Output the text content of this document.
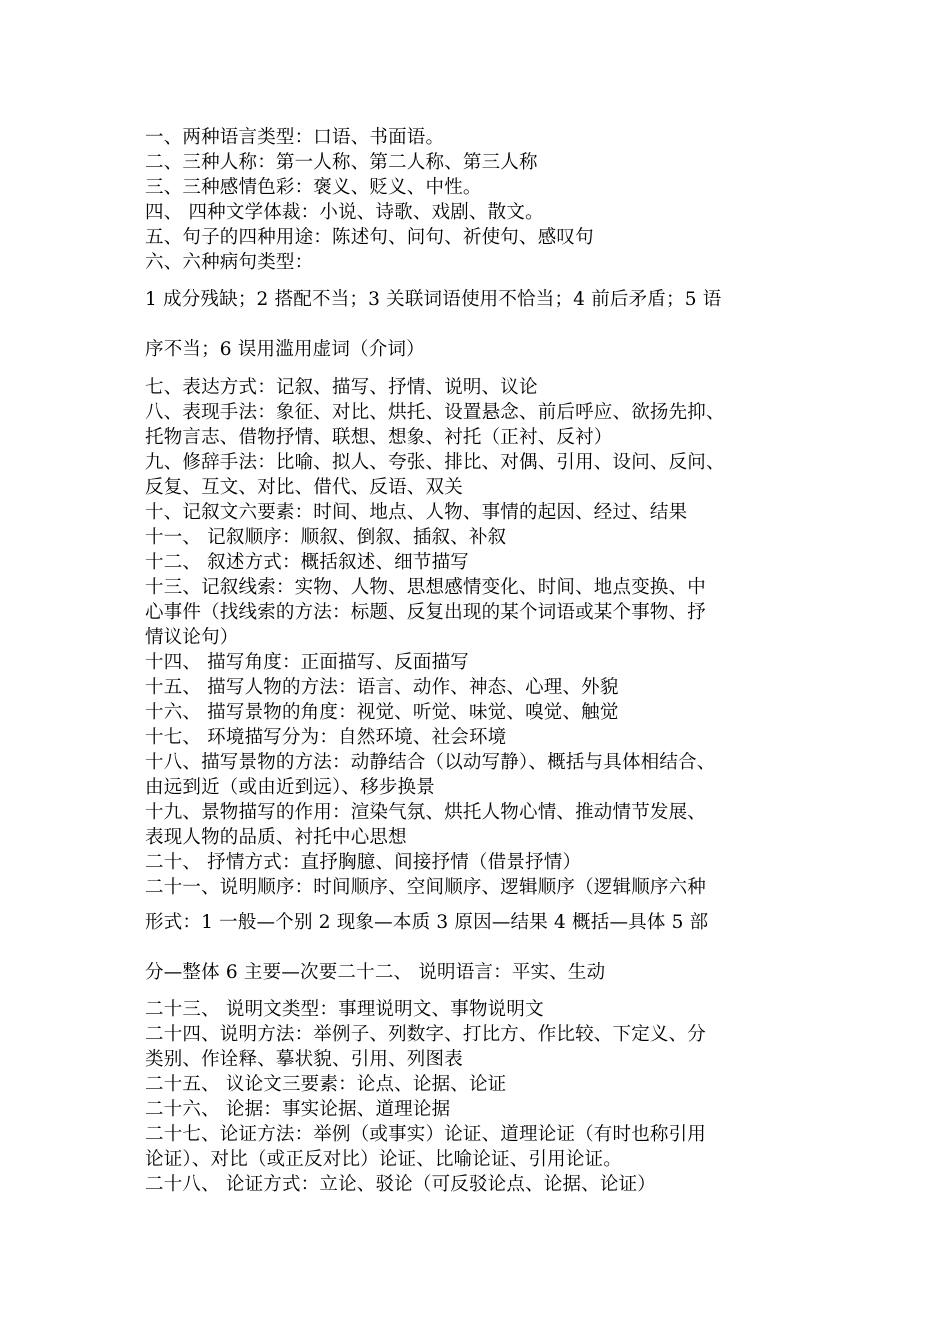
一、两种语言类型：口语、书面语。
二、三种人称：第一人称、第二人称、第三人称
三、三种感情色彩：褒义、贬义、中性。
四、 四种文学体裁：小说、诗歌、戏剧、散文。
五、句子的四种用途：陈述句、问句、祈使句、感叹句
六、六种病句类型：
1 成分残缺；2 搭配不当；3 关联词语使用不恰当；4 前后矛盾；5 语
序不当；6 误用滥用虚词（介词）
七、表达方式：记叙、描写、抒情、说明、议论
八、表现手法：象征、对比、烘托、设置悬念、前后呼应、欲扬先抑、
托物言志、借物抒情、联想、想象、衬托（正衬、反衬）
九、修辞手法：比喻、拟人、夸张、排比、对偶、引用、设问、反问、
反复、互文、对比、借代、反语、双关
十、记叙文六要素：时间、地点、人物、事情的起因、经过、结果
十一、 记叙顺序：顺叙、倒叙、插叙、补叙
十二、 叙述方式：概括叙述、细节描写
十三、记叙线索：实物、人物、思想感情变化、时间、地点变换、中
心事件（找线索的方法：标题、反复出现的某个词语或某个事物、抒
情议论句）
十四、 描写角度：正面描写、反面描写
十五、 描写人物的方法：语言、动作、神态、心理、外貌
十六、 描写景物的角度：视觉、听觉、味觉、嗅觉、触觉
十七、 环境描写分为：自然环境、社会环境
十八、描写景物的方法：动静结合（以动写静）、概括与具体相结合、
由远到近（或由近到远）、移步换景
十九、景物描写的作用：渲染气氛、烘托人物心情、推动情节发展、
表现人物的品质、衬托中心思想
二十、 抒情方式：直抒胸臆、间接抒情（借景抒情）
二十一、说明顺序：时间顺序、空间顺序、逻辑顺序（逻辑顺序六种
形式：1 一般—个别 2 现象—本质 3 原因—结果 4 概括—具体 5 部
分—整体 6 主要—次要二十二、 说明语言：平实、生动
二十三、 说明文类型：事理说明文、事物说明文
二十四、说明方法：举例子、列数字、打比方、作比较、下定义、分
类别、作诠释、摹状貌、引用、列图表
二十五、 议论文三要素：论点、论据、论证
二十六、 论据：事实论据、道理论据
二十七、论证方法：举例（或事实）论证、道理论证（有时也称引用
论证）、对比（或正反对比）论证、比喻论证、引用论证。
二十八、 论证方式：立论、驳论（可反驳论点、论据、论证）
